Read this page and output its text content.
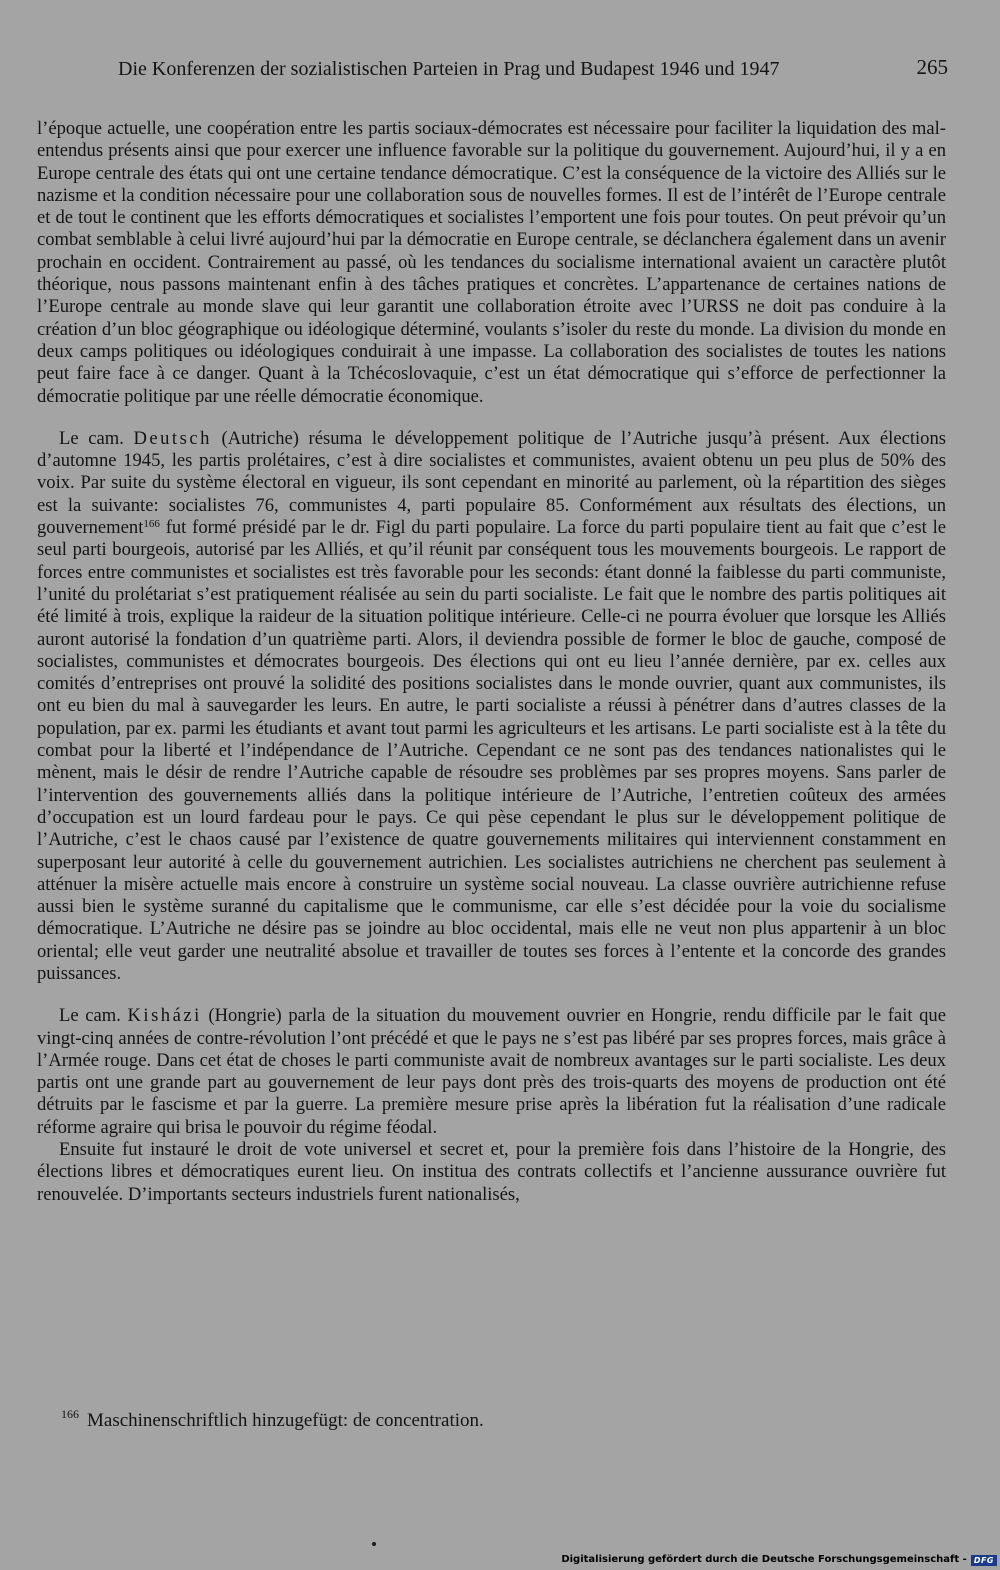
Die Konferenzen der sozialistischen Parteien in Prag und Budapest 1946 und 1947	265

l’époque actuelle, une coopération entre les partis sociaux-démocrates est nécessaire pour faciliter la liquidation des mal-entendus présents ainsi que pour exercer une influence favorable sur la politique du gouvernement. Aujourd’hui, il y a en Europe centrale des états qui ont une certaine tendance démocratique. C’est la conséquence de la victoire des Alliés sur le nazisme et la condition nécessaire pour une collaboration sous de nouvelles formes. Il est de l’intérêt de l’Europe centrale et de tout le continent que les efforts démocratiques et socialistes l’emportent une fois pour toutes. On peut prévoir qu’un combat semblable à celui livré aujourd’hui par la démocratie en Europe centrale, se déclanchera également dans un avenir prochain en occident. Contrairement au passé, où les tendances du socialisme international avaient un caractère plutôt théorique, nous passons maintenant enfin à des tâches pratiques et concrètes. L’appartenance de certaines nations de l’Europe centrale au monde slave qui leur garantit une collaboration étroite avec l’URSS ne doit pas conduire à la création d’un bloc géographique ou idéologique déterminé, voulants s’isoler du reste du monde. La division du monde en deux camps politiques ou idéologiques conduirait à une impasse. La collaboration des socialistes de toutes les nations peut faire face à ce danger. Quant à la Tchécoslovaquie, c’est un état démocratique qui s’efforce de perfectionner la démocratie politique par une réelle démocratie économique.

Le cam. Deutsch (Autriche) résuma le développement politique de l’Autriche jusqu’à présent. Aux élections d’automne 1945, les partis prolétaires, c’est à dire socialistes et communistes, avaient obtenu un peu plus de 50% des voix. Par suite du système électoral en vigueur, ils sont cependant en minorité au parlement, où la répartition des sièges est la suivante: socialistes 76, communistes 4, parti populaire 85. Conformément aux résultats des élections, un gouvernement$^{166}$ fut formé présidé par le dr. Figl du parti populaire. La force du parti populaire tient au fait que c’est le seul parti bourgeois, autorisé par les Alliés, et qu’il réunit par conséquent tous les mouvements bourgeois. Le rapport de forces entre communistes et socialistes est très favorable pour les seconds: étant donné la faiblesse du parti communiste, l’unité du prolétariat s’est pratiquement réalisée au sein du parti socialiste. Le fait que le nombre des partis politiques ait été limité à trois, explique la raideur de la situation politique intérieure. Celle-ci ne pourra évoluer que lorsque les Alliés auront autorisé la fondation d’un quatrième parti. Alors, il deviendra possible de former le bloc de gauche, composé de socialistes, communistes et démocrates bourgeois. Des élections qui ont eu lieu l’année dernière, par ex. celles aux comités d’entreprises ont prouvé la solidité des positions socialistes dans le monde ouvrier, quant aux communistes, ils ont eu bien du mal à sauvegarder les leurs. En autre, le parti socialiste a réussi à pénétrer dans d’autres classes de la population, par ex. parmi les étudiants et avant tout parmi les agriculteurs et les artisans. Le parti socialiste est à la tête du combat pour la liberté et l’indépendance de l’Autriche. Cependant ce ne sont pas des tendances nationalistes qui le mènent, mais le désir de rendre l’Autriche capable de résoudre ses problèmes par ses propres moyens. Sans parler de l’intervention des gouvernements alliés dans la politique intérieure de l’Autriche, l’entretien coûteux des armées d’occupation est un lourd fardeau pour le pays. Ce qui pèse cependant le plus sur le développement politique de l’Autriche, c’est le chaos causé par l’existence de quatre gouvernements militaires qui interviennent constamment en superposant leur autorité à celle du gouvernement autrichien. Les socialistes autrichiens ne cherchent pas seulement à atténuer la misère actuelle mais encore à construire un système social nouveau. La classe ouvrière autrichienne refuse aussi bien le système suranné du capitalisme que le communisme, car elle s’est décidée pour la voie du socialisme démocratique. L’Autriche ne désire pas se joindre au bloc occidental, mais elle ne veut non plus appartenir à un bloc oriental; elle veut garder une neutralité absolue et travailler de toutes ses forces à l’entente et la concorde des grandes puissances.

Le cam. Kisházi (Hongrie) parla de la situation du mouvement ouvrier en Hongrie, rendu difficile par le fait que vingt-cinq années de contre-révolution l’ont précédé et que le pays ne s’est pas libéré par ses propres forces, mais grâce à l’Armée rouge. Dans cet état de choses le parti communiste avait de nombreux avantages sur le parti socialiste. Les deux partis ont une grande part au gouvernement de leur pays dont près des trois-quarts des moyens de production ont été détruits par le fascisme et par la guerre. La première mesure prise après la libération fut la réalisation d’une radicale réforme agraire qui brisa le pouvoir du régime féodal.

Ensuite fut instauré le droit de vote universel et secret et, pour la première fois dans l’histoire de la Hongrie, des élections libres et démocratiques eurent lieu. On institua des contrats collectifs et l’ancienne aussurance ouvrière fut renouvelée. D’importants secteurs industriels furent nationalisés,

$^{166}$ Maschinenschriftlich hinzugefügt: de concentration.
Digitalisierung gefördert durch die Deutsche Forschungsgemeinschaft - DFG
